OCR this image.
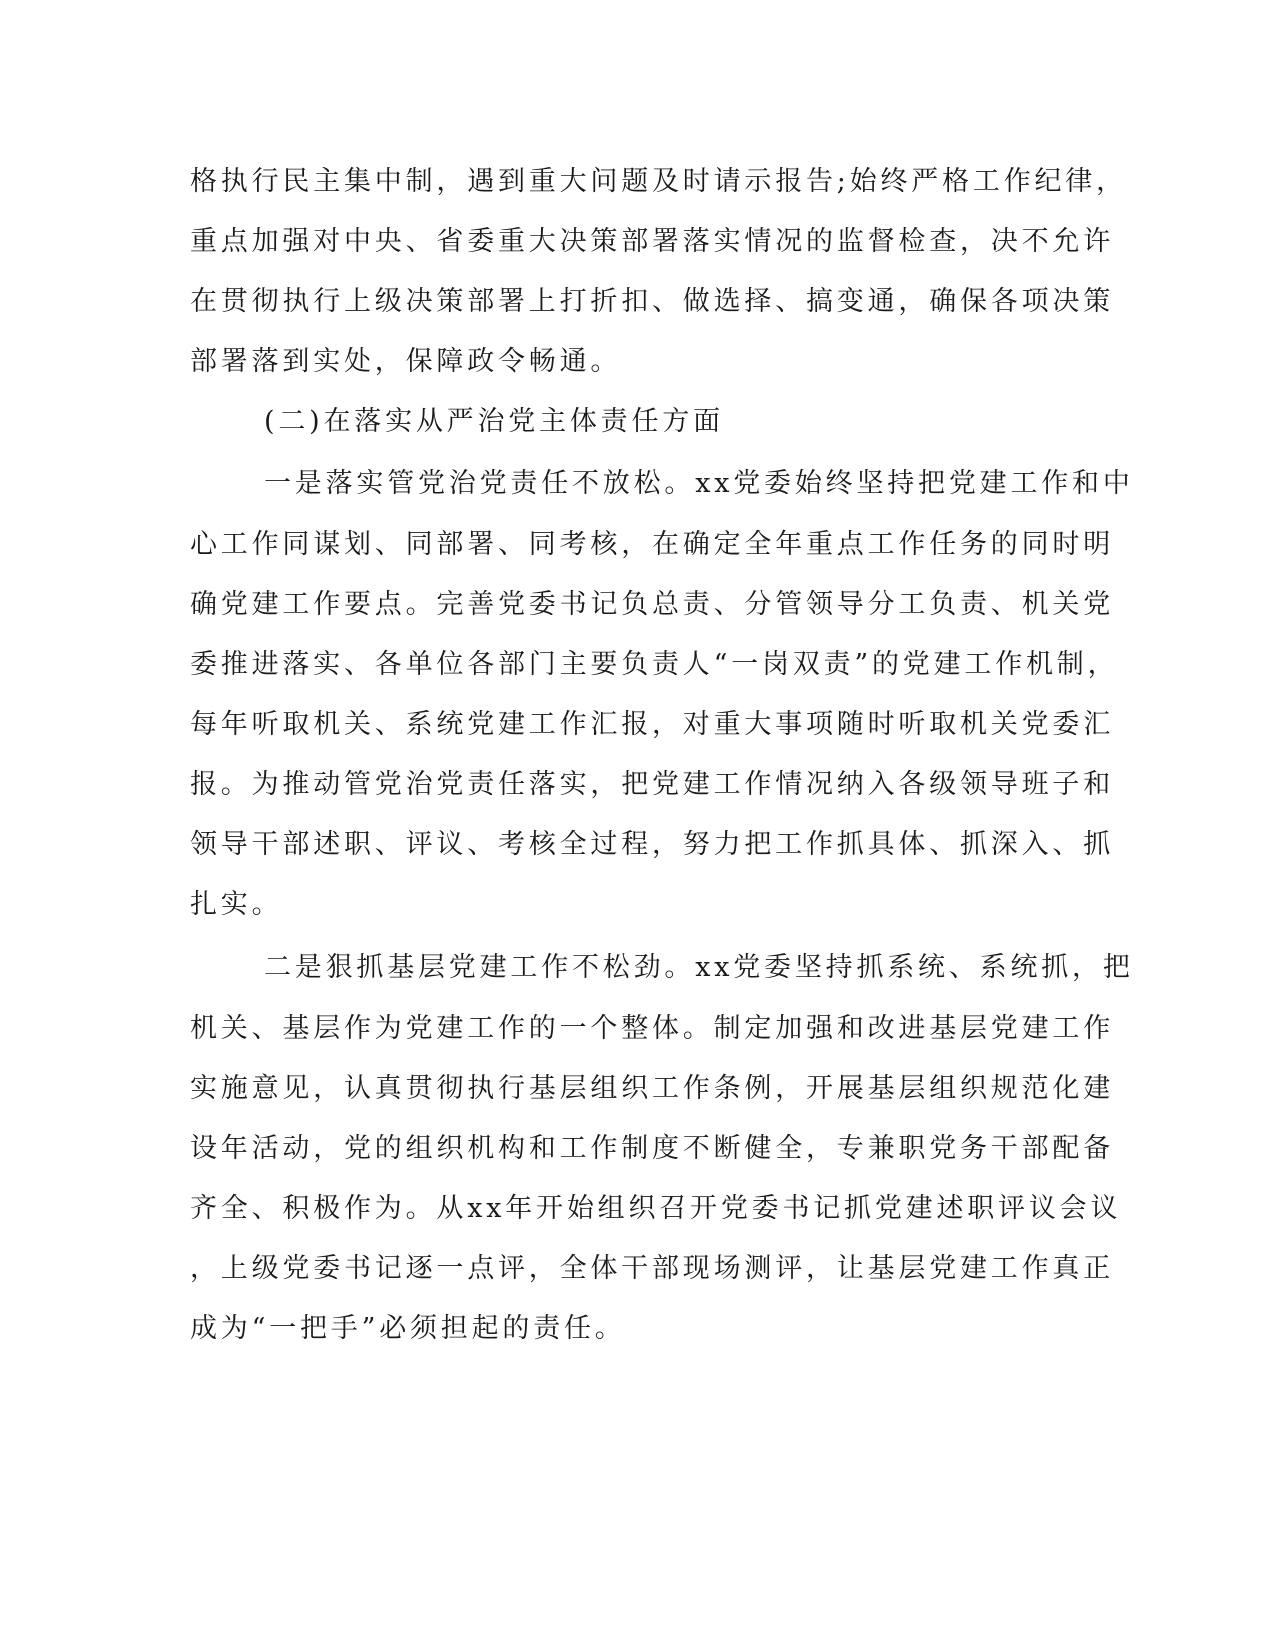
格执行民主集中制，遇到重大问题及时请示报告;始终严格工作纪律，

重点加强对中央、省委重大决策部署落实情况的监督检查，决不允许

在贯彻执行上级决策部署上打折扣、做选择、搞变通，确保各项决策

部署落到实处，保障政令畅通。

(二)在落实从严治党主体责任方面

一是落实管党治党责任不放松。xx党委始终坚持把党建工作和中

心工作同谋划、同部署、同考核，在确定全年重点工作任务的同时明

确党建工作要点。完善党委书记负总责、分管领导分工负责、机关党

委推进落实、各单位各部门主要负责人“一岗双责”的党建工作机制，

每年听取机关、系统党建工作汇报，对重大事项随时听取机关党委汇

报。为推动管党治党责任落实，把党建工作情况纳入各级领导班子和

领导干部述职、评议、考核全过程，努力把工作抓具体、抓深入、抓

扎实。

二是狠抓基层党建工作不松劲。xx党委坚持抓系统、系统抓，把

机关、基层作为党建工作的一个整体。制定加强和改进基层党建工作

实施意见，认真贯彻执行基层组织工作条例，开展基层组织规范化建

设年活动，党的组织机构和工作制度不断健全，专兼职党务干部配备

齐全、积极作为。从xx年开始组织召开党委书记抓党建述职评议会议

，上级党委书记逐一点评，全体干部现场测评，让基层党建工作真正

成为“一把手”必须担起的责任。
